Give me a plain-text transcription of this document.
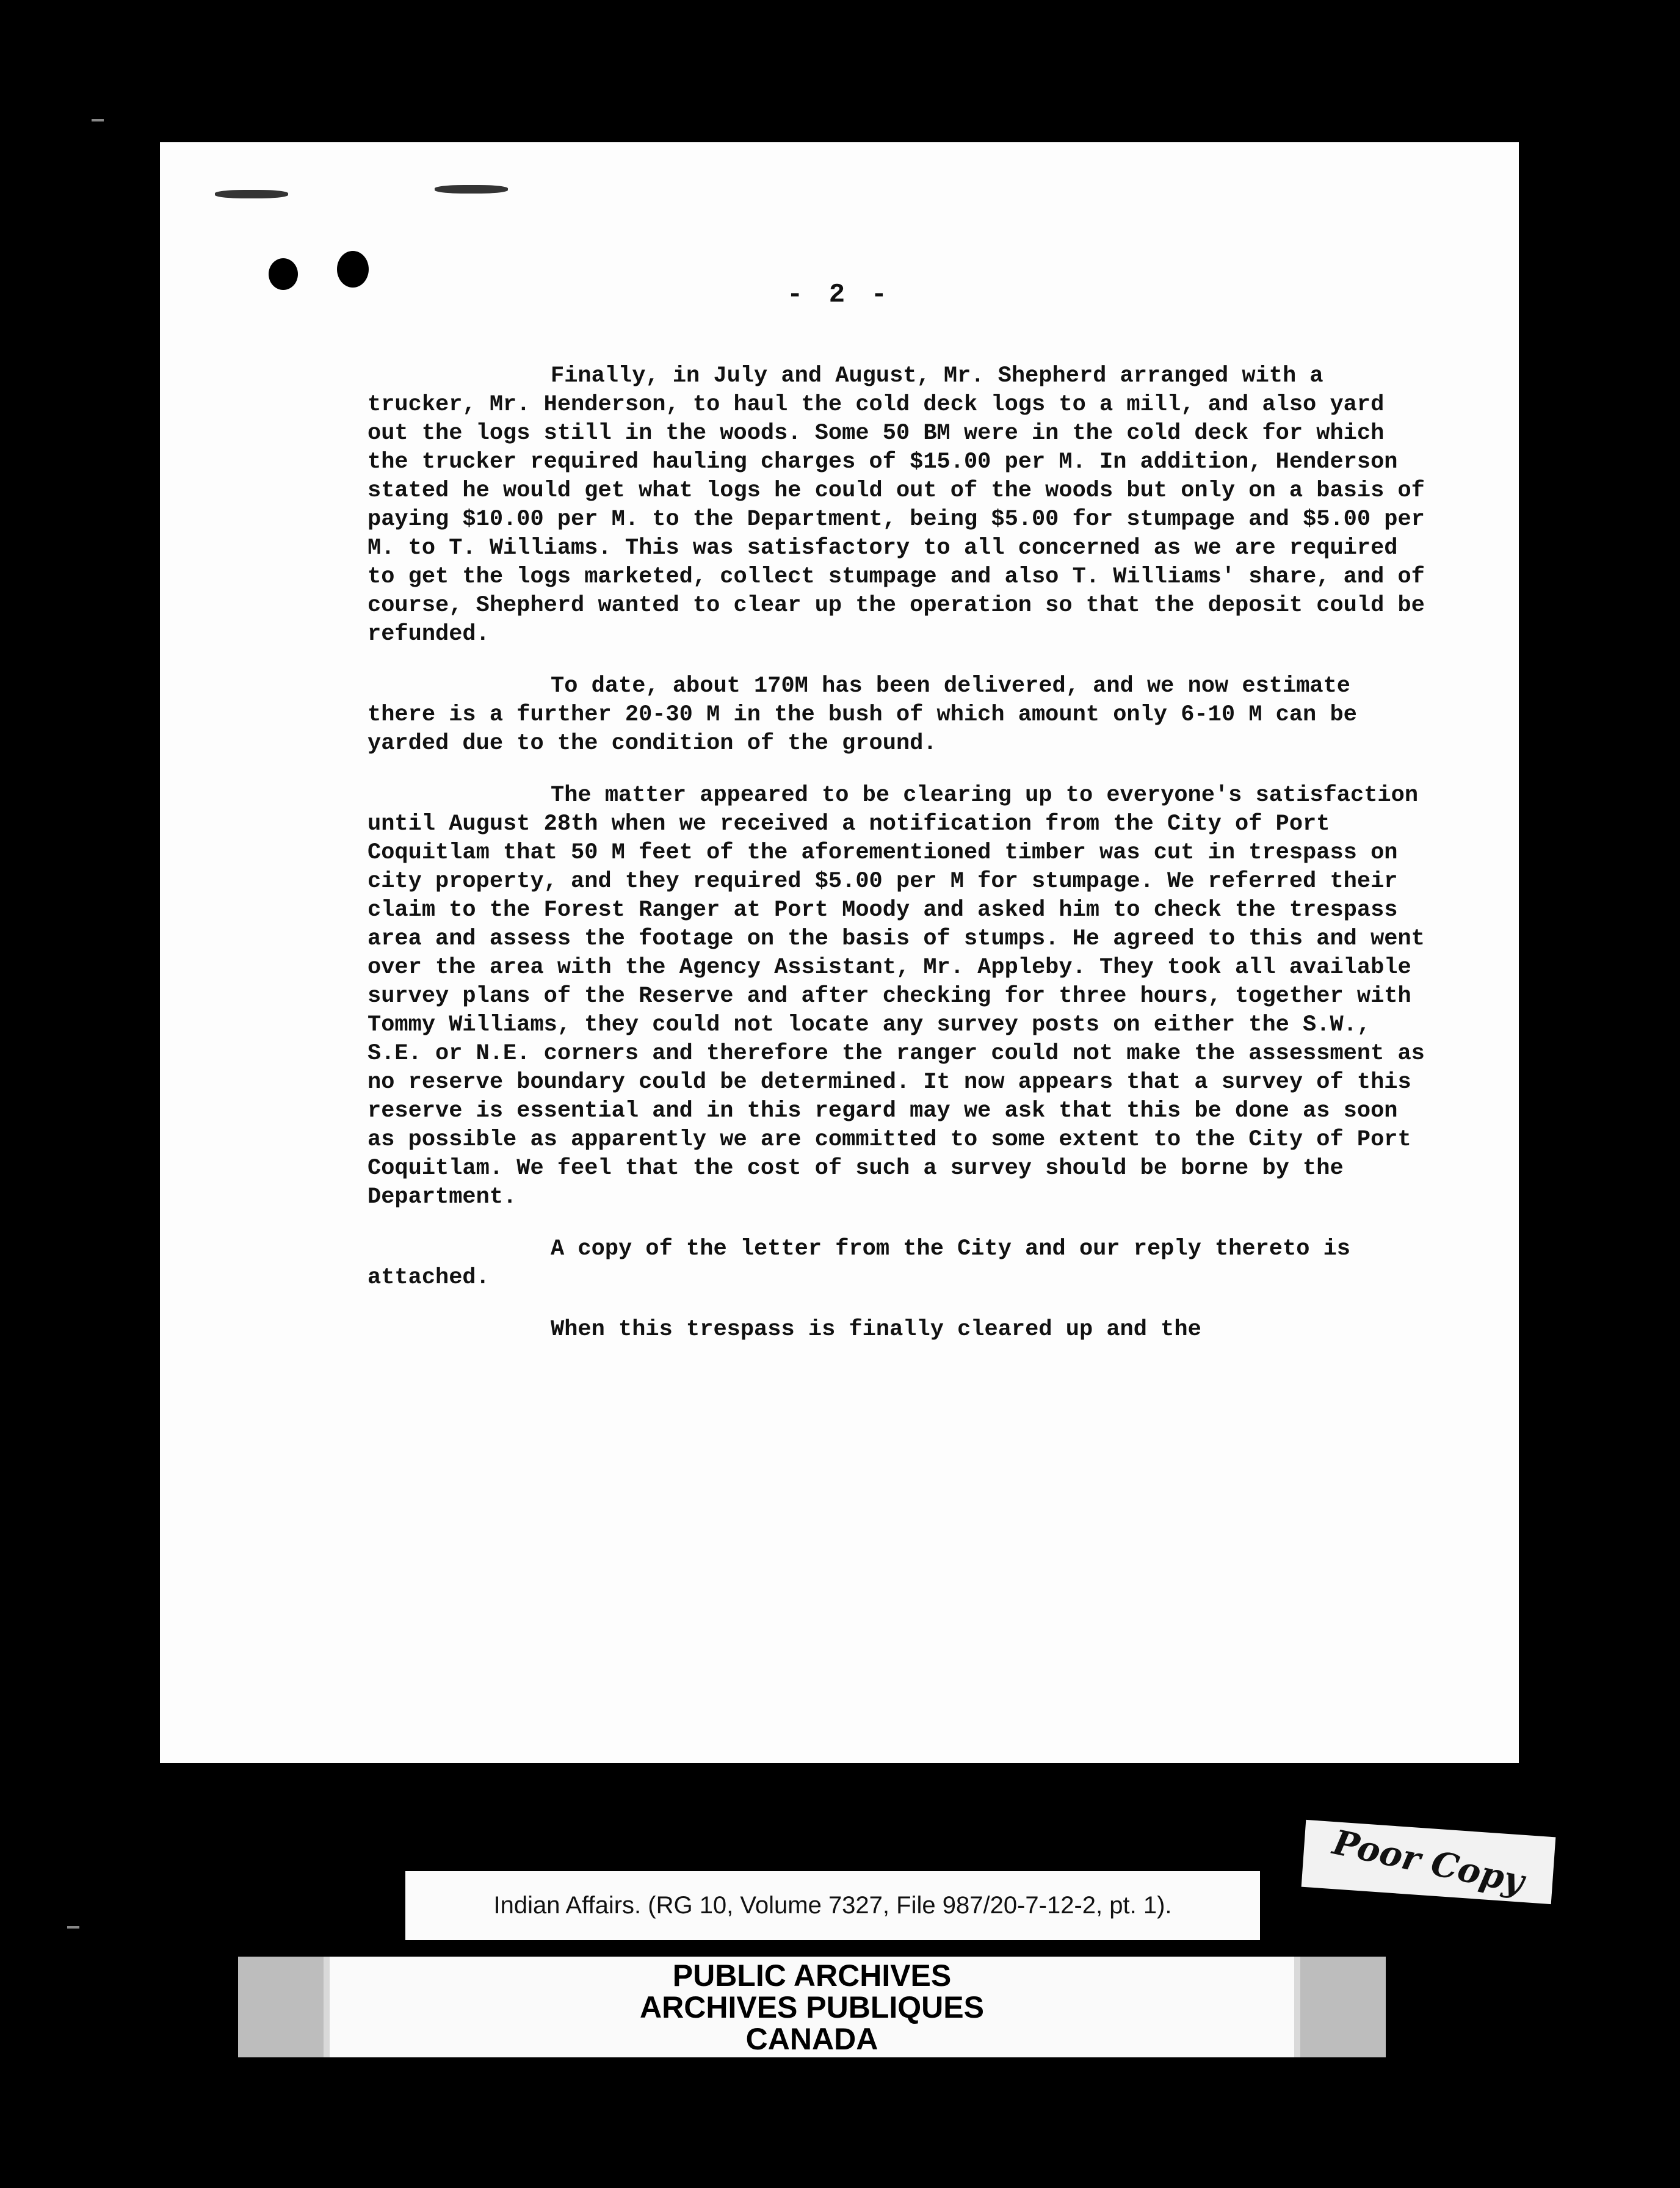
- 2 -

Finally, in July and August, Mr. Shepherd arranged with a trucker, Mr. Henderson, to haul the cold deck logs to a mill, and also yard out the logs still in the woods. Some 50 BM were in the cold deck for which the trucker required hauling charges of $15.00 per M. In addition, Henderson stated he would get what logs he could out of the woods but only on a basis of paying $10.00 per M. to the Department, being $5.00 for stumpage and $5.00 per M. to T. Williams. This was satisfactory to all concerned as we are required to get the logs marketed, collect stumpage and also T. Williams' share, and of course, Shepherd wanted to clear up the operation so that the deposit could be refunded.

To date, about 170M has been delivered, and we now estimate there is a further 20-30 M in the bush of which amount only 6-10 M can be yarded due to the condition of the ground.

The matter appeared to be clearing up to everyone's satisfaction until August 28th when we received a notification from the City of Port Coquitlam that 50 M feet of the aforementioned timber was cut in trespass on city property, and they required $5.00 per M for stumpage. We referred their claim to the Forest Ranger at Port Moody and asked him to check the trespass area and assess the footage on the basis of stumps. He agreed to this and went over the area with the Agency Assistant, Mr. Appleby. They took all available survey plans of the Reserve and after checking for three hours, together with Tommy Williams, they could not locate any survey posts on either the S.W., S.E. or N.E. corners and therefore the ranger could not make the assessment as no reserve boundary could be determined. It now appears that a survey of this reserve is essential and in this regard may we ask that this be done as soon as possible as apparently we are committed to some extent to the City of Port Coquitlam. We feel that the cost of such a survey should be borne by the Department.

A copy of the letter from the City and our reply thereto is attached.

When this trespass is finally cleared up and the

Poor Copy
Indian Affairs. (RG 10, Volume 7327, File 987/20-7-12-2, pt. 1).
PUBLIC ARCHIVES
ARCHIVES PUBLIQUES
CANADA
